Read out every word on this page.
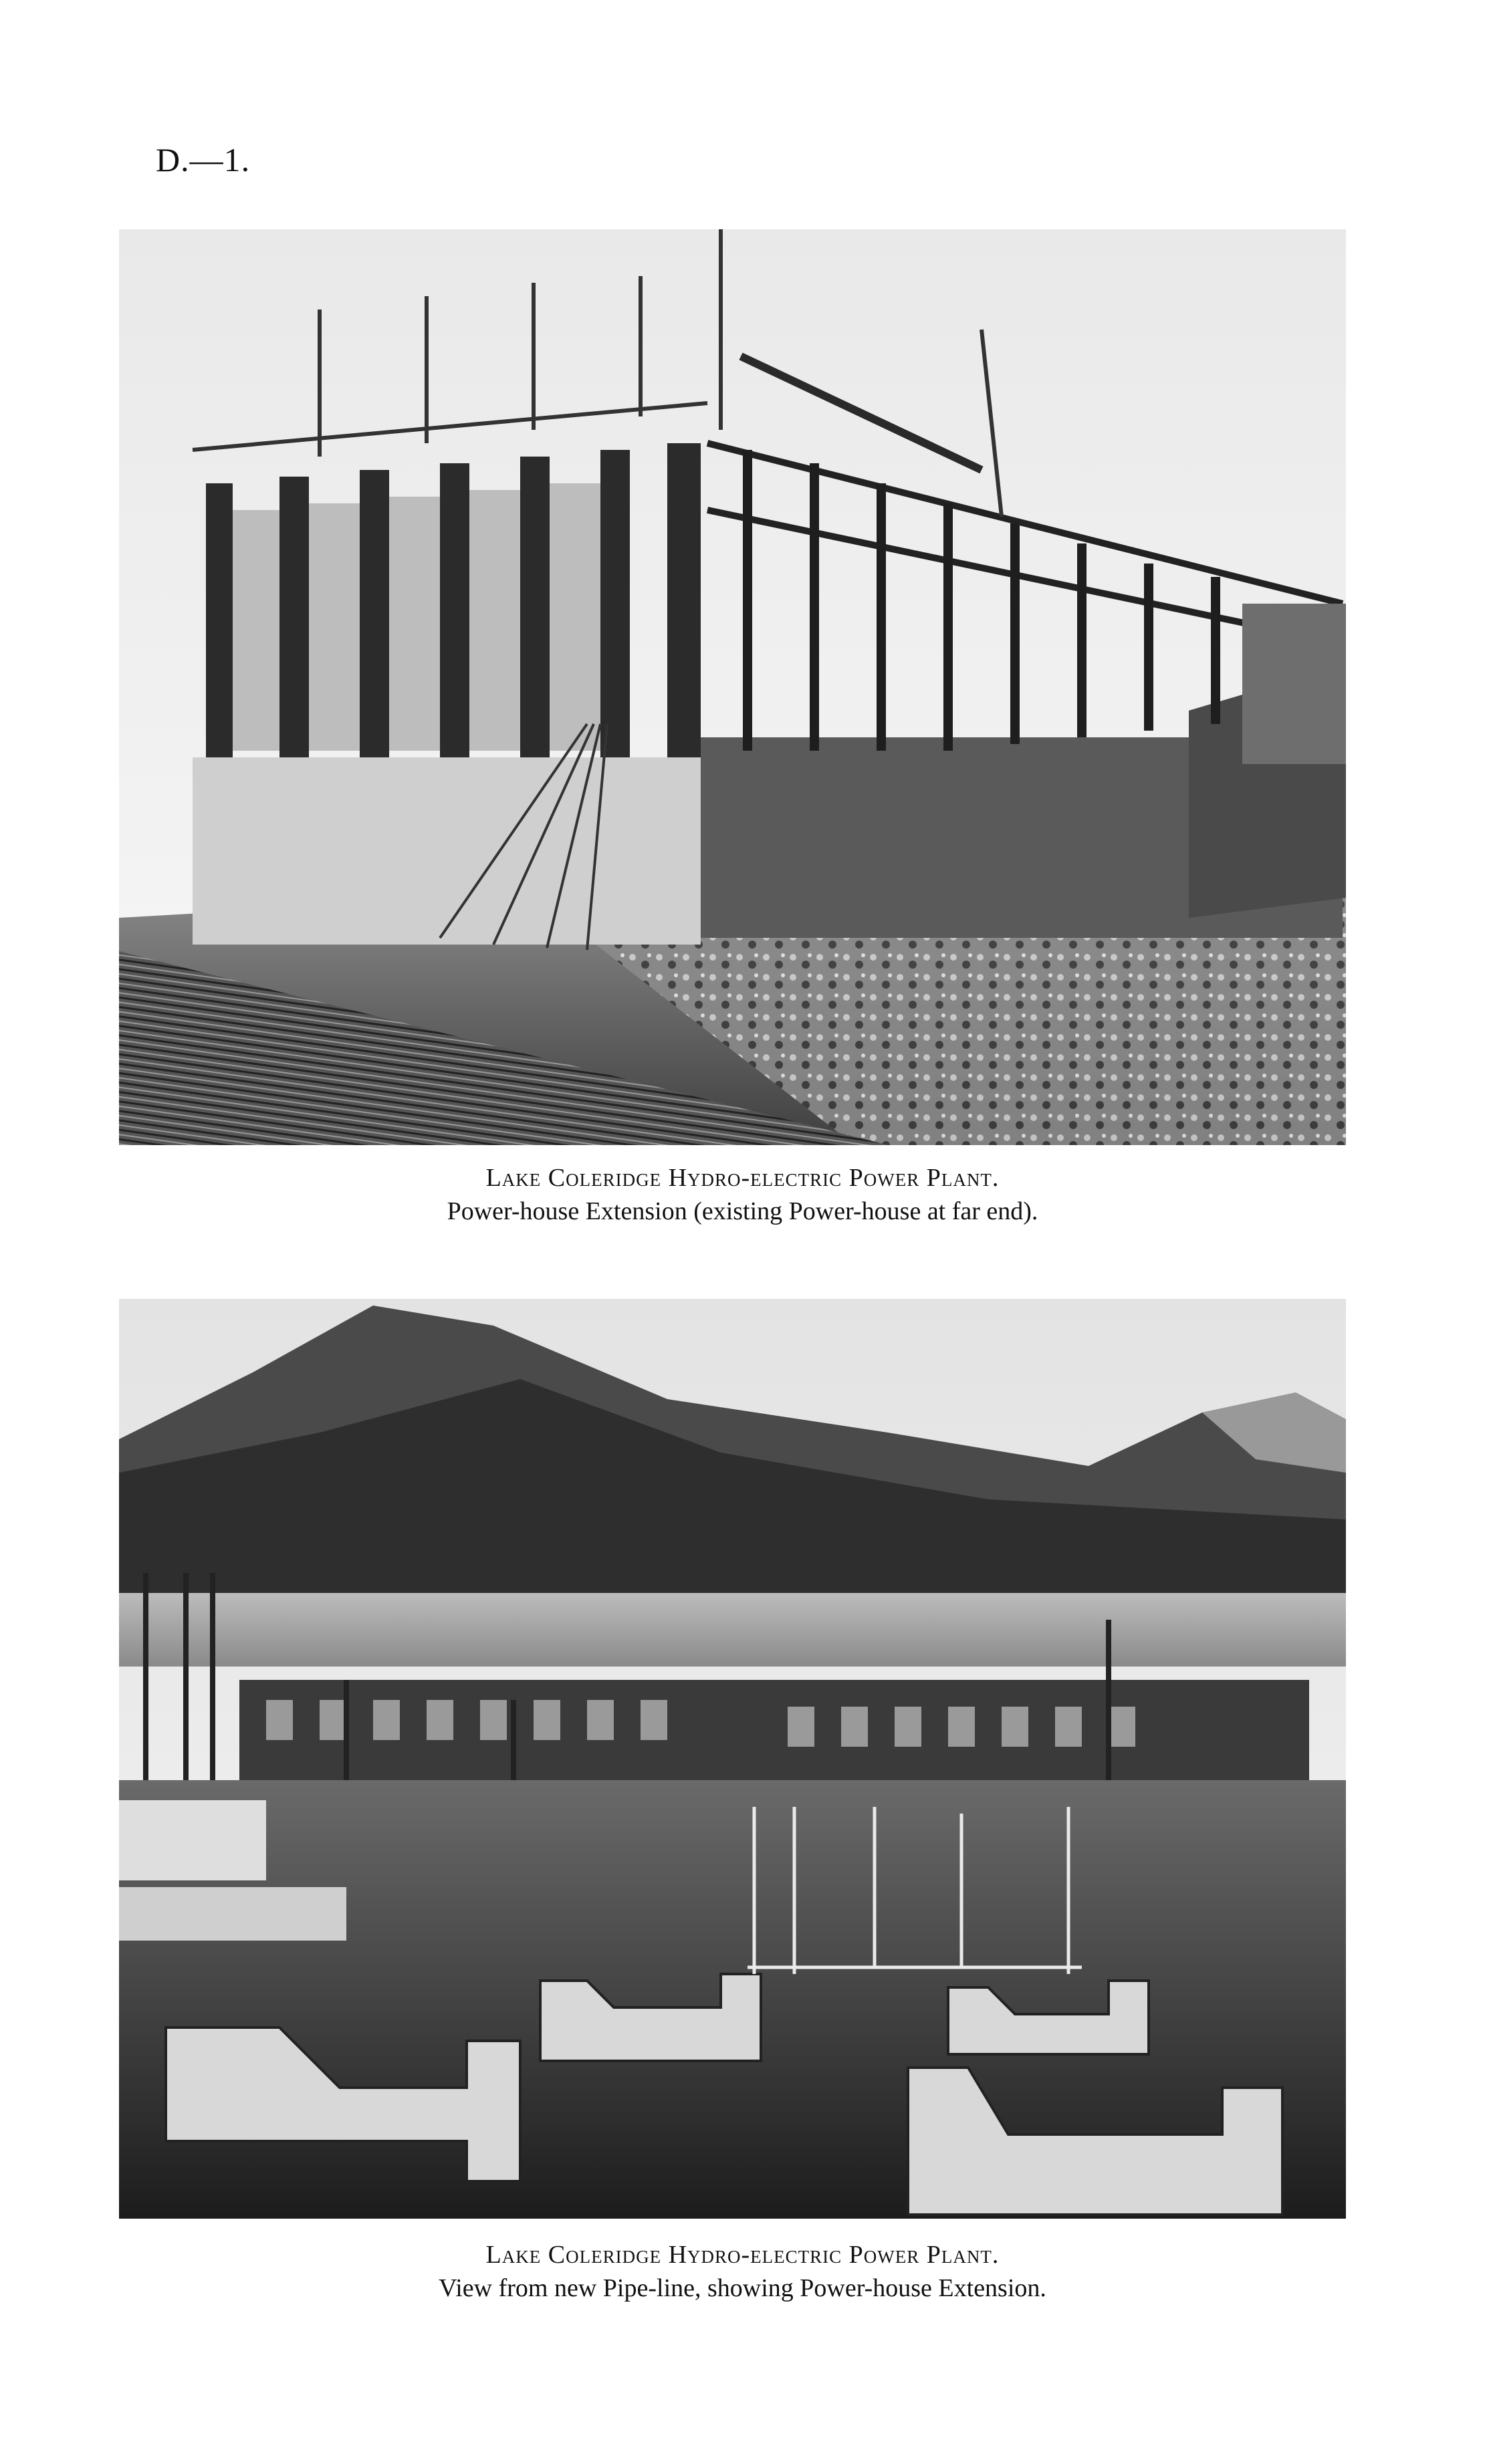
D.—1.
Lake Coleridge Hydro-electric Power Plant.
Power-house Extension (existing Power-house at far end).
Lake Coleridge Hydro-electric Power Plant.
View from new Pipe-line, showing Power-house Extension.
